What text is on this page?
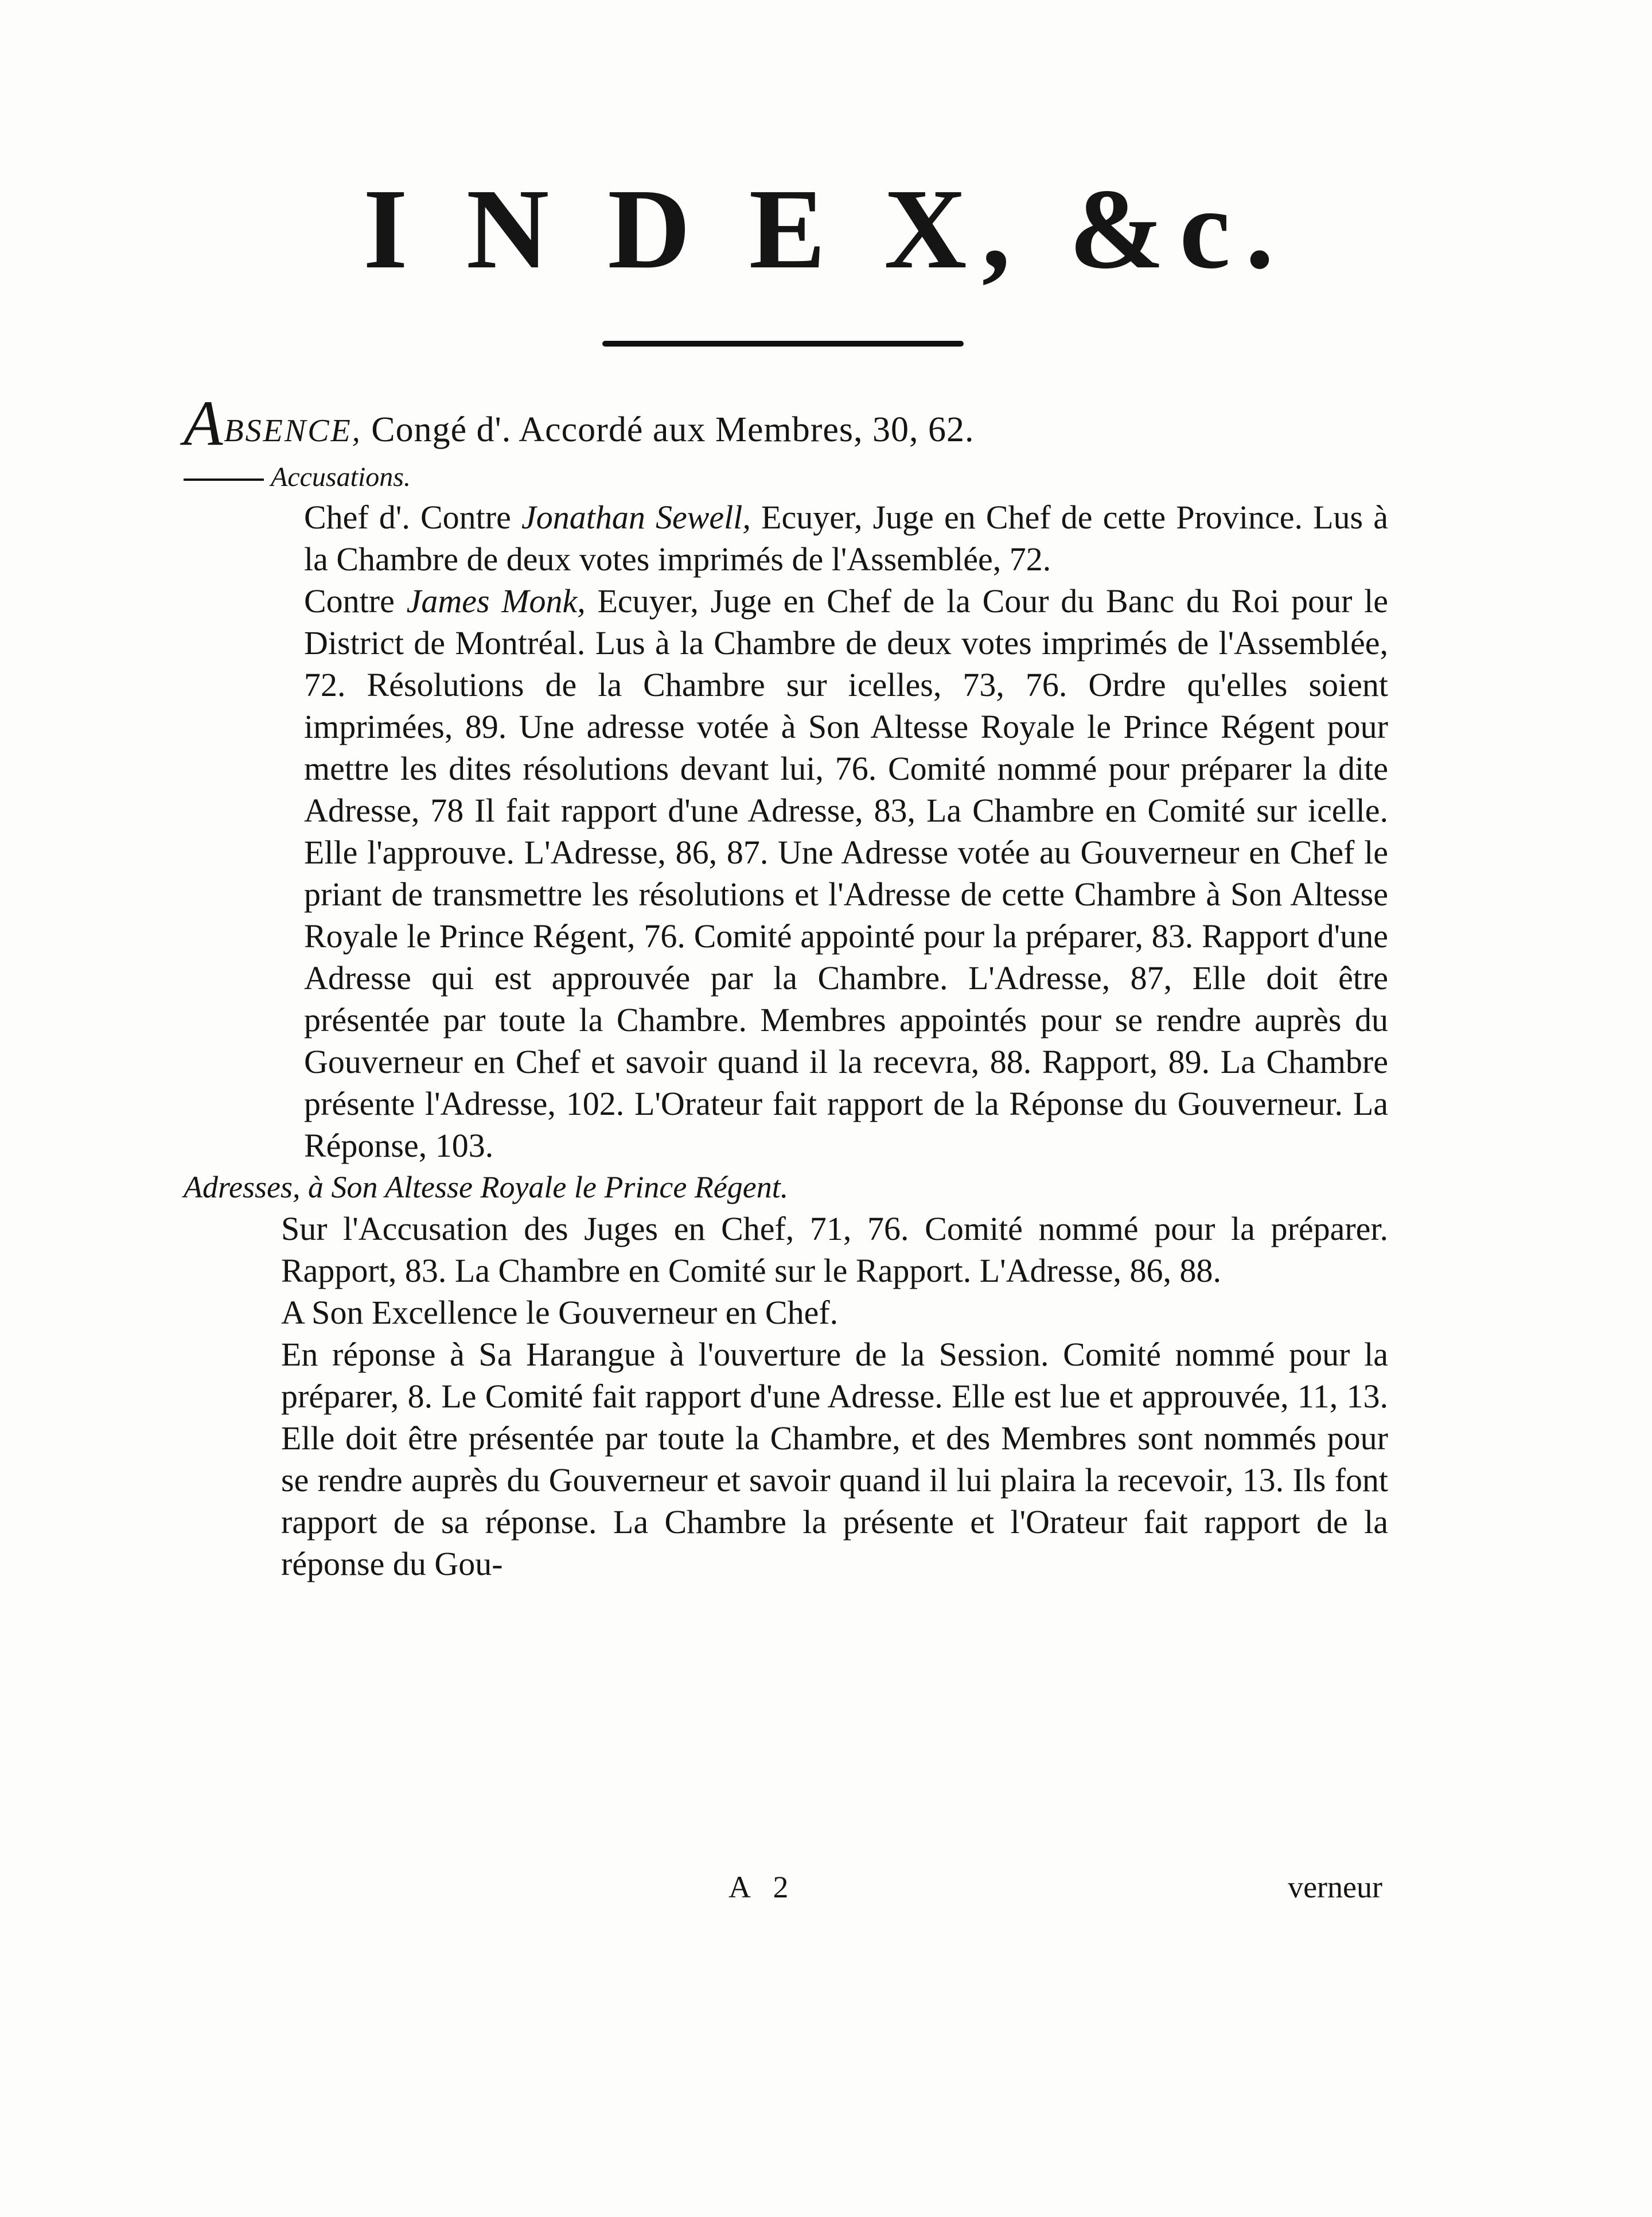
I N D E X, &c.

ABSENCE, Congé d'. Accordé aux Membres, 30, 62.

Accusations.

Chef d'. Contre Jonathan Sewell, Ecuyer, Juge en Chef de cette Province. Lus à la Chambre de deux votes imprimés de l'Assemblée, 72.

Contre James Monk, Ecuyer, Juge en Chef de la Cour du Banc du Roi pour le District de Montréal. Lus à la Chambre de deux votes imprimés de l'Assemblée, 72. Résolutions de la Chambre sur icelles, 73, 76. Ordre qu'elles soient imprimées, 89. Une adresse votée à Son Altesse Royale le Prince Régent pour mettre les dites résolutions devant lui, 76. Comité nommé pour préparer la dite Adresse, 78 Il fait rapport d'une Adresse, 83, La Chambre en Comité sur icelle. Elle l'approuve. L'Adresse, 86, 87. Une Adresse votée au Gouverneur en Chef le priant de transmettre les résolutions et l'Adresse de cette Chambre à Son Altesse Royale le Prince Régent, 76. Comité appointé pour la préparer, 83. Rapport d'une Adresse qui est approuvée par la Chambre. L'Adresse, 87, Elle doit être présentée par toute la Chambre. Membres appointés pour se rendre auprès du Gouverneur en Chef et savoir quand il la recevra, 88. Rapport, 89. La Chambre présente l'Adresse, 102. L'Orateur fait rapport de la Réponse du Gouverneur. La Réponse, 103.

Adresses, à Son Altesse Royale le Prince Régent.

Sur l'Accusation des Juges en Chef, 71, 76. Comité nommé pour la préparer. Rapport, 83. La Chambre en Comité sur le Rapport. L'Adresse, 86, 88.

A Son Excellence le Gouverneur en Chef.

En réponse à Sa Harangue à l'ouverture de la Session. Comité nommé pour la préparer, 8. Le Comité fait rapport d'une Adresse. Elle est lue et approuvée, 11, 13. Elle doit être présentée par toute la Chambre, et des Membres sont nommés pour se rendre auprès du Gouverneur et savoir quand il lui plaira la recevoir, 13. Ils font rapport de sa réponse. La Chambre la présente et l'Orateur fait rapport de la réponse du Gou-

A 2	verneur
